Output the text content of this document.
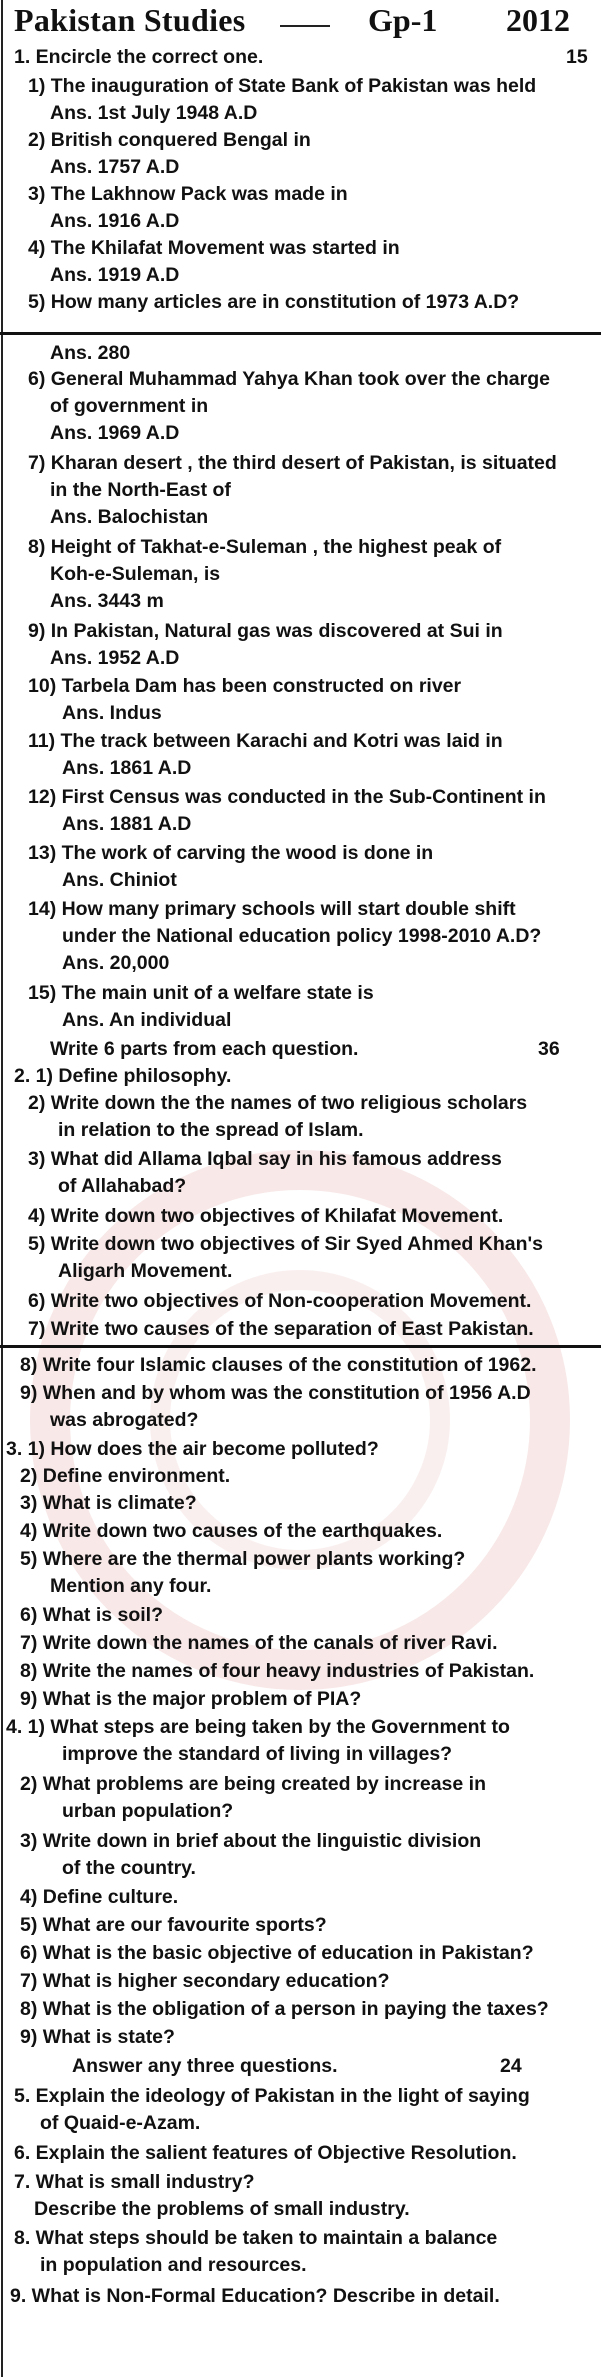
Pakistan Studies	Gp-1 2012
1. Encircle the correct one.	15
1) The inauguration of State Bank of Pakistan was held
Ans. 1st July 1948 A.D
2) British conquered Bengal in
Ans. 1757 A.D
3) The Lakhnow Pack was made in
Ans. 1916 A.D
4) The Khilafat Movement was started in
Ans. 1919 A.D
5) How many articles are in constitution of 1973 A.D?
Ans. 280
6) General Muhammad Yahya Khan took over the charge
of government in
Ans. 1969 A.D
7) Kharan desert , the third desert of Pakistan, is situated
in the North-East of
Ans. Balochistan
8) Height of Takhat-e-Suleman , the highest peak of
Koh-e-Suleman, is
Ans. 3443 m
9) In Pakistan, Natural gas was discovered at Sui in
Ans. 1952 A.D
10) Tarbela Dam has been constructed on river
Ans. Indus
11) The track between Karachi and Kotri was laid in
Ans. 1861 A.D
12) First Census was conducted in the Sub-Continent in
Ans. 1881 A.D
13) The work of carving the wood is done in
Ans. Chiniot
14) How many primary schools will start double shift
under the National education policy 1998-2010 A.D?
Ans. 20,000
15) The main unit of a welfare state is
Ans. An individual
Write 6 parts from each question.	36
2. 1) Define philosophy.
2) Write down the the names of two religious scholars
in relation to the spread of Islam.
3) What did Allama Iqbal say in his famous address
of Allahabad?
4) Write down two objectives of Khilafat Movement.
5) Write down two objectives of Sir Syed Ahmed Khan's
Aligarh Movement.
6) Write two objectives of Non-cooperation Movement.
7) Write two causes of the separation of East Pakistan.
8) Write four Islamic clauses of the constitution of 1962.
9) When and by whom was the constitution of 1956 A.D
was abrogated?
3. 1) How does the air become polluted?
2) Define environment.
3) What is climate?
4) Write down two causes of the earthquakes.
5) Where are the thermal power plants working?
Mention any four.
6) What is soil?
7) Write down the names of the canals of river Ravi.
8) Write the names of four heavy industries of Pakistan.
9) What is the major problem of PIA?
4. 1) What steps are being taken by the Government to
improve the standard of living in villages?
2) What problems are being created by increase in
urban population?
3) Write down in brief about the linguistic division
of the country.
4) Define culture.
5) What are our favourite sports?
6) What is the basic objective of education in Pakistan?
7) What is higher secondary education?
8) What is the obligation of a person in paying the taxes?
9) What is state?
Answer any three questions.	24
5. Explain the ideology of Pakistan in the light of saying
of Quaid-e-Azam.
6. Explain the salient features of Objective Resolution.
7. What is small industry?
Describe the problems of small industry.
8. What steps should be taken to maintain a balance
in population and resources.
9. What is Non-Formal Education? Describe in detail.
